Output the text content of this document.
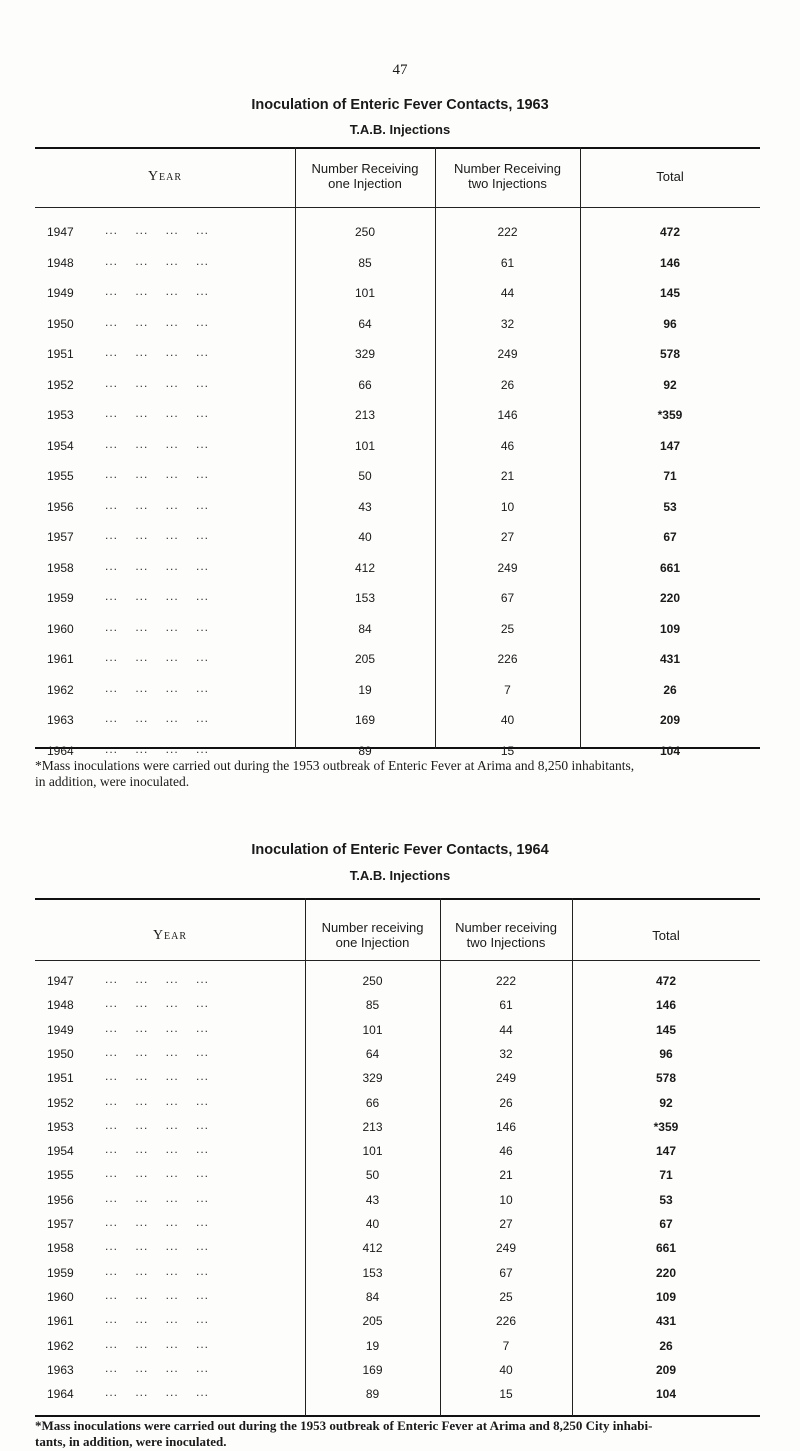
47
Inoculation of Enteric Fever Contacts, 1963
T.A.B. Injections
Year
Number Receiving
one Injection
Number Receiving
two Injections	Total
1947	...    ...    ...    ...	250	222	472
1948	...    ...    ...    ...	85	61	146
1949	...    ...    ...    ...	101	44	145
1950	...    ...    ...    ...	64	32	96
1951	...    ...    ...    ...	329	249	578
1952	...    ...    ...    ...	66	26	92
1953	...    ...    ...    ...	213	146	*359
1954	...    ...    ...    ...	101	46	147
1955	...    ...    ...    ...	50	21	71
1956	...    ...    ...    ...	43	10	53
1957	...    ...    ...    ...	40	27	67
1958	...    ...    ...    ...	412	249	661
1959	...    ...    ...    ...	153	67	220
1960	...    ...    ...    ...	84	25	109
1961	...    ...    ...    ...	205	226	431
1962	...    ...    ...    ...	19	7	26
1963	...    ...    ...    ...	169	40	209
1964	...    ...    ...    ...	89	15	104
*Mass inoculations were carried out during the 1953 outbreak of Enteric Fever at Arima and 8,250 inhabitants,
in addition, were inoculated.
Inoculation of Enteric Fever Contacts, 1964
T.A.B. Injections
Year
Number receiving
one Injection
Number receiving
two Injections	Total
1947	...    ...    ...    ...	250	222	472
1948	...    ...    ...    ...	85	61	146
1949	...    ...    ...    ...	101	44	145
1950	...    ...    ...    ...	64	32	96
1951	...    ...    ...    ...	329	249	578
1952	...    ...    ...    ...	66	26	92
1953	...    ...    ...    ...	213	146	*359
1954	...    ...    ...    ...	101	46	147
1955	...    ...    ...    ...	50	21	71
1956	...    ...    ...    ...	43	10	53
1957	...    ...    ...    ...	40	27	67
1958	...    ...    ...    ...	412	249	661
1959	...    ...    ...    ...	153	67	220
1960	...    ...    ...    ...	84	25	109
1961	...    ...    ...    ...	205	226	431
1962	...    ...    ...    ...	19	7	26
1963	...    ...    ...    ...	169	40	209
1964	...    ...    ...    ...	89	15	104
*Mass inoculations were carried out during the 1953 outbreak of Enteric Fever at Arima and 8,250 City inhabi-
tants, in addition, were inoculated.
